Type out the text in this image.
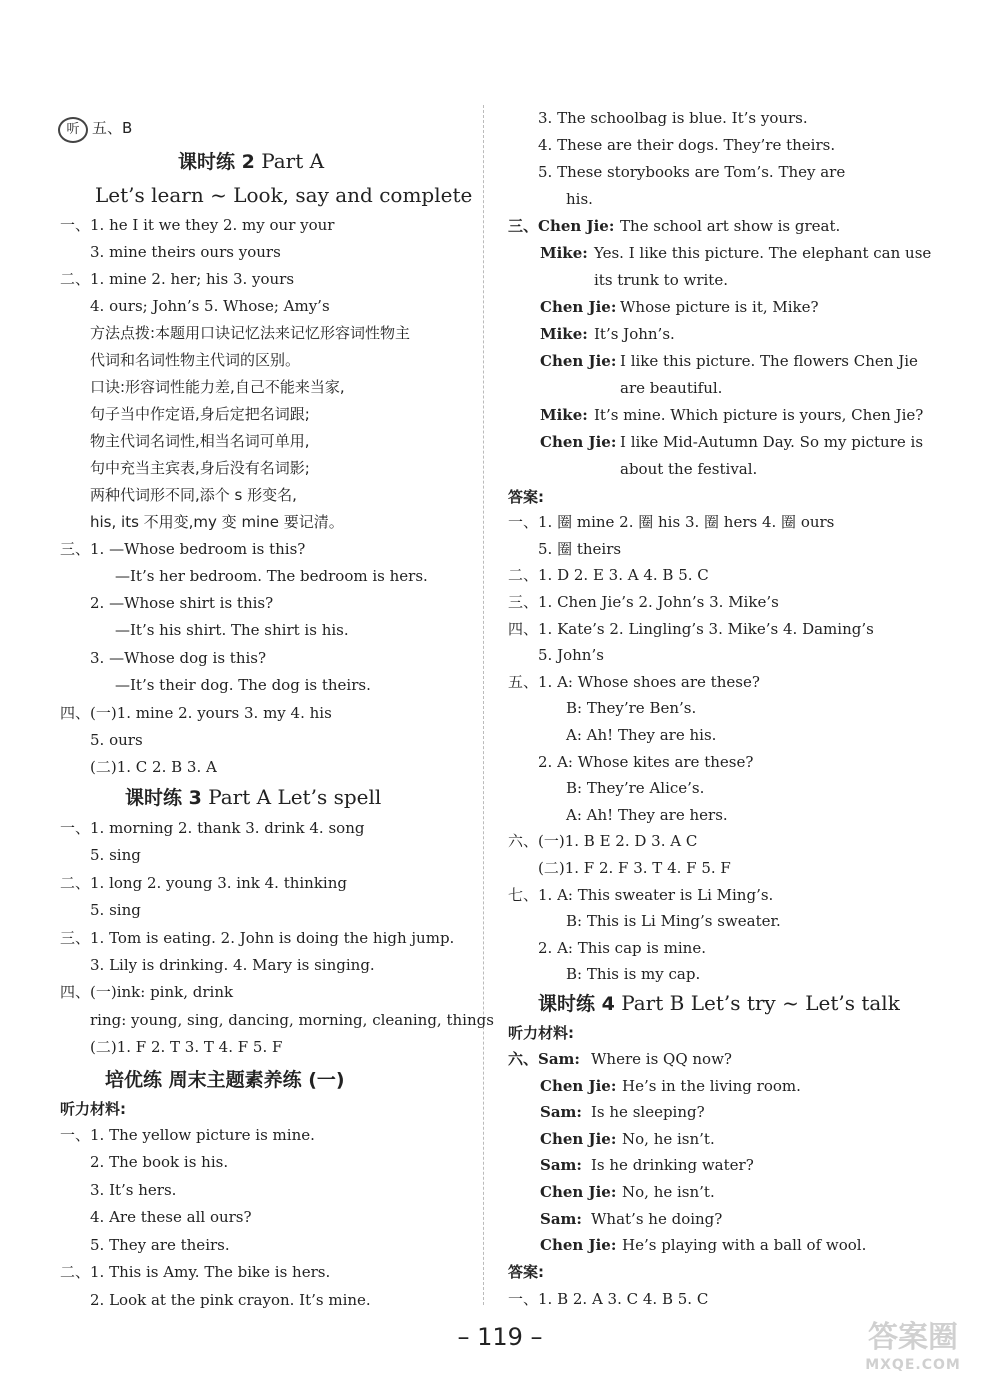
听 五、B
课时练 2 Part A
Let’s learn ~ Look, say and complete
一、1. he I it we they 2. my our your
3. mine theirs ours yours
二、1. mine 2. her; his 3. yours
4. ours; John’s 5. Whose; Amy’s
方法点拨:本题用口诀记忆法来记忆形容词性物主
代词和名词性物主代词的区别。
口诀:形容词性能力差,自己不能来当家,
句子当中作定语,身后定把名词跟;
物主代词名词性,相当名词可单用,
句中充当主宾表,身后没有名词影;
两种代词形不同,添个 s 形变名,
his, its 不用变,my 变 mine 要记清。
三、1. —Whose bedroom is this?
—It’s her bedroom. The bedroom is hers.
2. —Whose shirt is this?
—It’s his shirt. The shirt is his.
3. —Whose dog is this?
—It’s their dog. The dog is theirs.
四、(一)1. mine 2. yours 3. my 4. his
5. ours
(二)1. C 2. B 3. A
课时练 3 Part A Let’s spell
一、1. morning 2. thank 3. drink 4. song
5. sing
二、1. long 2. young 3. ink 4. thinking
5. sing
三、1. Tom is eating. 2. John is doing the high jump.
3. Lily is drinking. 4. Mary is singing.
四、(一)ink: pink, drink
ring: young, sing, dancing, morning, cleaning, things
(二)1. F 2. T 3. T 4. F 5. F
培优练 周末主题素养练 (一)
听力材料:
一、1. The yellow picture is mine.
2. The book is his.
3. It’s hers.
4. Are these all ours?
5. They are theirs.
二、1. This is Amy. The bike is hers.
2. Look at the pink crayon. It’s mine.
3. The schoolbag is blue. It’s yours.
4. These are their dogs. They’re theirs.
5. These storybooks are Tom’s. They are
his.
三、Chen Jie: The school art show is great.
Mike: Yes. I like this picture. The elephant can use
its trunk to write.
Chen Jie: Whose picture is it, Mike?
Mike: It’s John’s.
Chen Jie: I like this picture. The flowers Chen Jie
are beautiful.
Mike: It’s mine. Which picture is yours, Chen Jie?
Chen Jie: I like Mid-Autumn Day. So my picture is
about the festival.
答案:
一、1. 圈 mine 2. 圈 his 3. 圈 hers 4. 圈 ours
5. 圈 theirs
二、1. D 2. E 3. A 4. B 5. C
三、1. Chen Jie’s 2. John’s 3. Mike’s
四、1. Kate’s 2. Lingling’s 3. Mike’s 4. Daming’s
5. John’s
五、1. A: Whose shoes are these?
B: They’re Ben’s.
A: Ah! They are his.
2. A: Whose kites are these?
B: They’re Alice’s.
A: Ah! They are hers.
六、(一)1. B E 2. D 3. A C
(二)1. F 2. F 3. T 4. F 5. F
七、1. A: This sweater is Li Ming’s.
B: This is Li Ming’s sweater.
2. A: This cap is mine.
B: This is my cap.
课时练 4 Part B Let’s try ~ Let’s talk
听力材料:
六、Sam: Where is QQ now?
Chen Jie: He’s in the living room.
Sam: Is he sleeping?
Chen Jie: No, he isn’t.
Sam: Is he drinking water?
Chen Jie: No, he isn’t.
Sam: What’s he doing?
Chen Jie: He’s playing with a ball of wool.
答案:
一、1. B 2. A 3. C 4. B 5. C
– 119 –	答案圈
MXQE.COM
